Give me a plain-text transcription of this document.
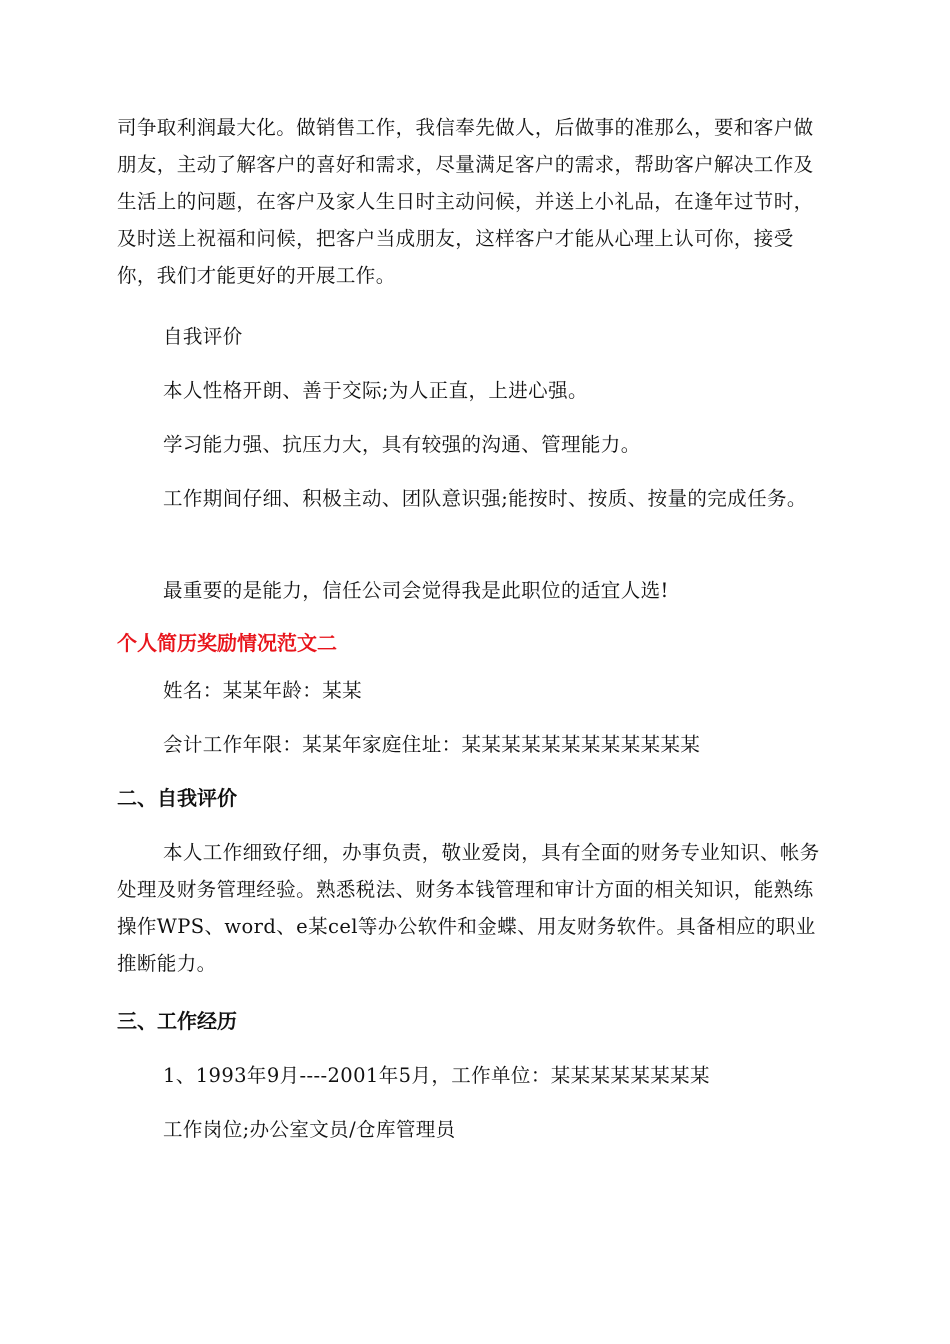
司争取利润最大化。做销售工作，我信奉先做人，后做事的准那么，要和客户做朋友，主动了解客户的喜好和需求，尽量满足客户的需求，帮助客户解决工作及生活上的问题，在客户及家人生日时主动问候，并送上小礼品，在逢年过节时，及时送上祝福和问候，把客户当成朋友，这样客户才能从心理上认可你，接受你，我们才能更好的开展工作。

自我评价

本人性格开朗、善于交际;为人正直，上进心强。

学习能力强、抗压力大，具有较强的沟通、管理能力。

工作期间仔细、积极主动、团队意识强;能按时、按质、按量的完成任务。

最重要的是能力，信任公司会觉得我是此职位的适宜人选!

个人简历奖励情况范文二

姓名：某某年龄：某某

会计工作年限：某某年家庭住址：某某某某某某某某某某某某

二、自我评价

本人工作细致仔细，办事负责，敬业爱岗，具有全面的财务专业知识、帐务处理及财务管理经验。熟悉税法、财务本钱管理和审计方面的相关知识，能熟练操作WPS、word、e某cel等办公软件和金蝶、用友财务软件。具备相应的职业推断能力。

三、工作经历

1、1993年9月----2001年5月，工作单位：某某某某某某某某

工作岗位;办公室文员/仓库管理员
